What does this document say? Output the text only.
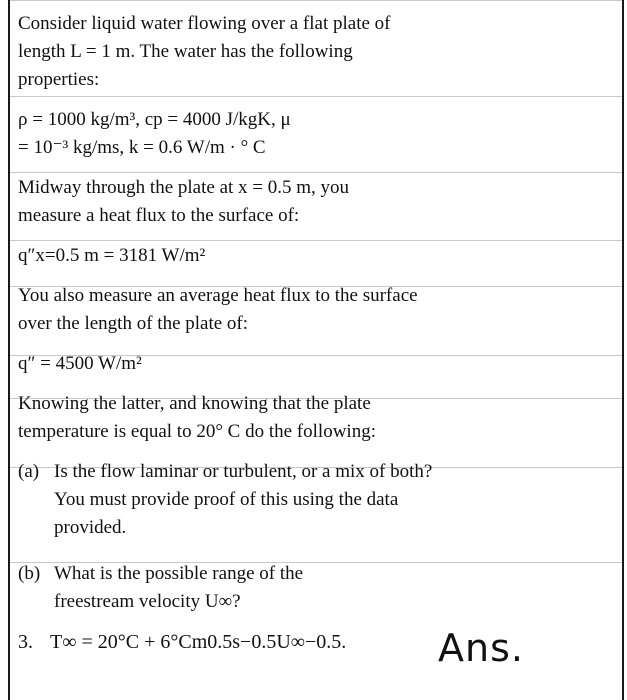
Consider liquid water flowing over a flat plate of length L = 1 m. The water has the following properties:

ρ = 1000 kg/m³, cp = 4000 J/kgK, μ

= 10⁻³ kg/ms, k = 0.6 W/m · ° C

Midway through the plate at x = 0.5 m, you measure a heat flux to the surface of:

q″x=0.5 m = 3181 W/m²

You also measure an average heat flux to the surface over the length of the plate of:

q″ = 4500 W/m²

Knowing the latter, and knowing that the plate temperature is equal to 20° C do the following:

(a) Is the flow laminar or turbulent, or a mix of both? You must provide proof of this using the data provided.
(b) What is the possible range of the freestream velocity U∞?
3. T∞ = 20°C + 6°Cm0.5s−0.5U∞−0.5.	Ans.
